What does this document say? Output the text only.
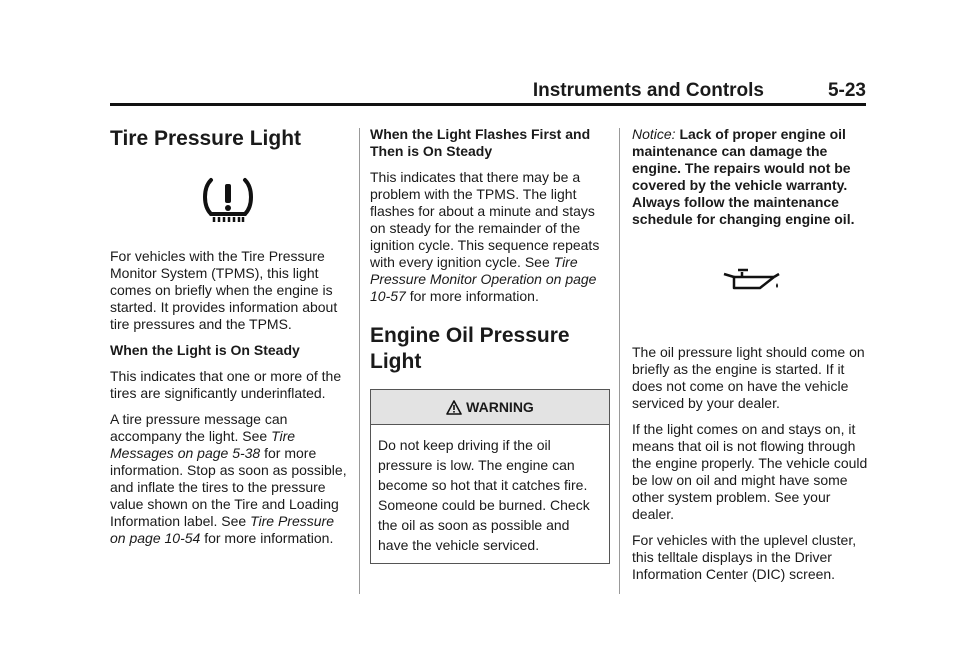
Instruments and Controls	5-23
Tire Pressure Light

For vehicles with the Tire Pressure Monitor System (TPMS), this light comes on briefly when the engine is started. It provides information about tire pressures and the TPMS.

When the Light is On Steady

This indicates that one or more of the tires are significantly underinflated.

A tire pressure message can accompany the light. See Tire Messages on page 5-38 for more information. Stop as soon as possible, and inflate the tires to the pressure value shown on the Tire and Loading Information label. See Tire Pressure on page 10-54 for more information.

When the Light Flashes First and Then is On Steady

This indicates that there may be a problem with the TPMS. The light flashes for about a minute and stays on steady for the remainder of the ignition cycle. This sequence repeats with every ignition cycle. See Tire Pressure Monitor Operation on page 10-57 for more information.

Engine Oil Pressure Light
WARNING
Do not keep driving if the oil pressure is low. The engine can become so hot that it catches fire. Someone could be burned. Check the oil as soon as possible and have the vehicle serviced.

Notice: Lack of proper engine oil maintenance can damage the engine. The repairs would not be covered by the vehicle warranty. Always follow the maintenance schedule for changing engine oil.

The oil pressure light should come on briefly as the engine is started. If it does not come on have the vehicle serviced by your dealer.

If the light comes on and stays on, it means that oil is not flowing through the engine properly. The vehicle could be low on oil and might have some other system problem. See your dealer.

For vehicles with the uplevel cluster, this telltale displays in the Driver Information Center (DIC) screen.
